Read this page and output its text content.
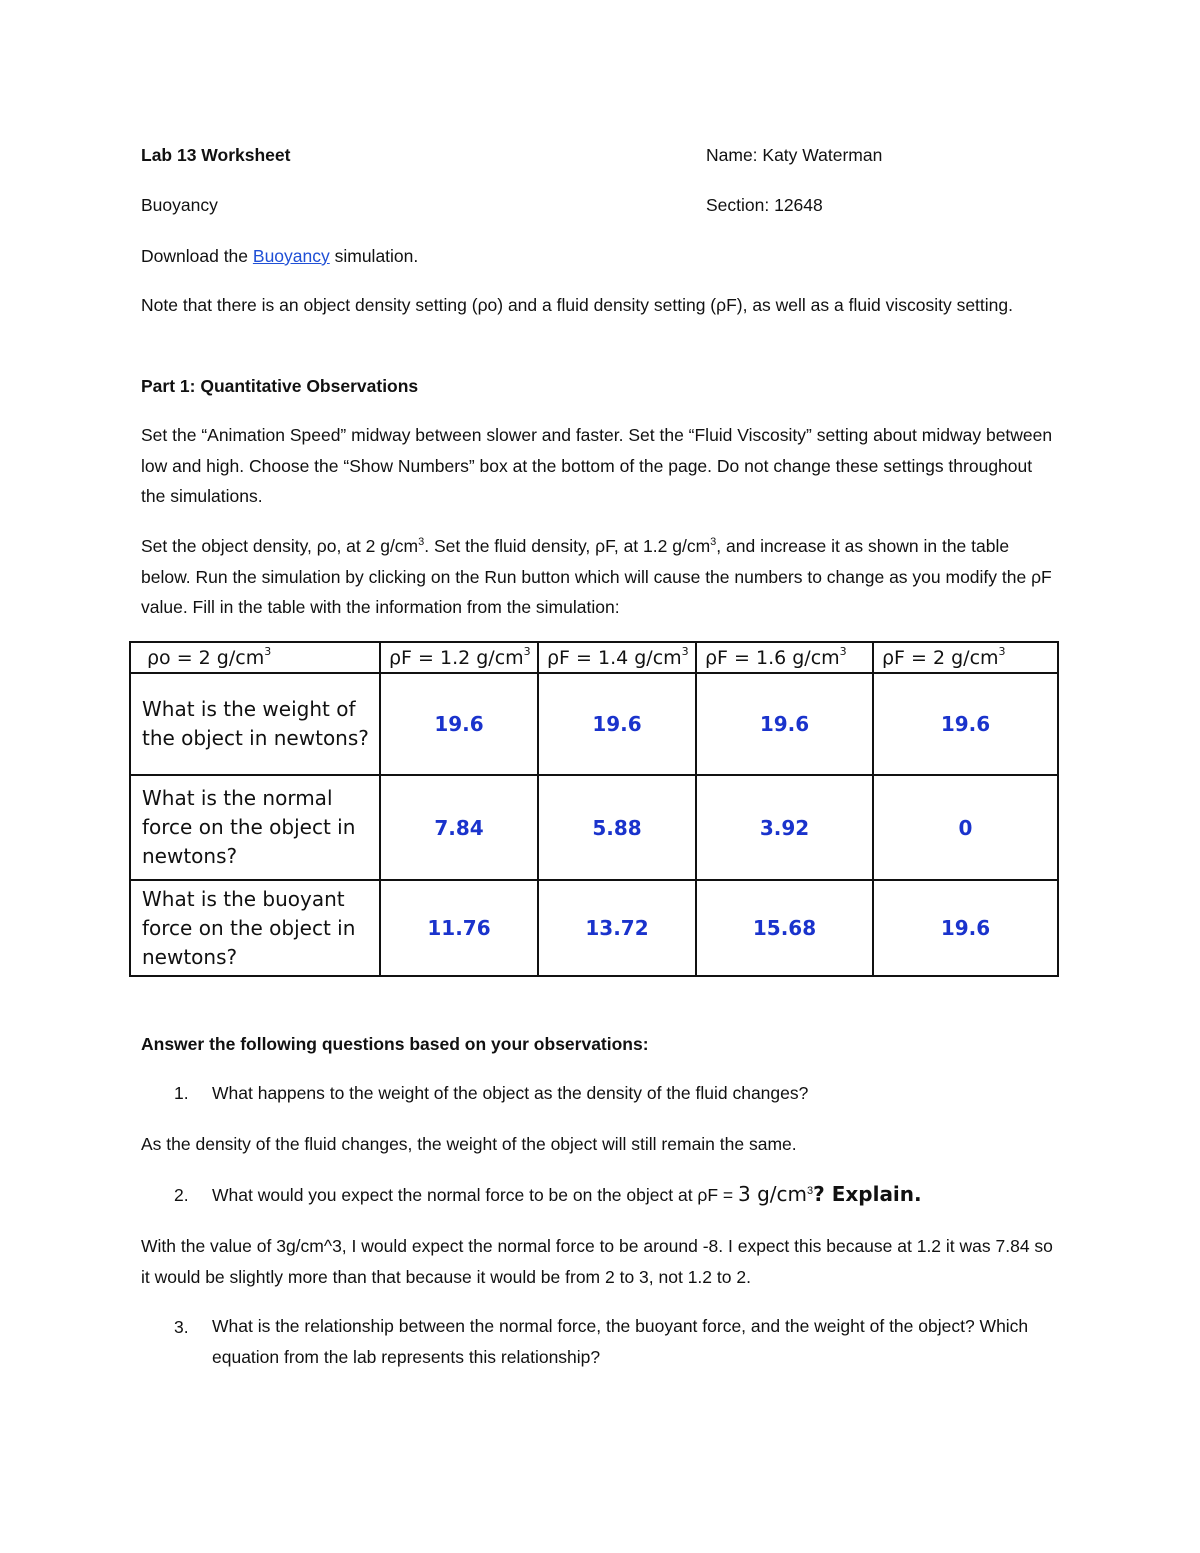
Lab 13 Worksheet	Name: Katy Waterman
Buoyancy	Section: 12648
Download the Buoyancy simulation.
Note that there is an object density setting (ρo) and a fluid density setting (ρF), as well as a fluid viscosity setting.
Part 1: Quantitative Observations
Set the “Animation Speed” midway between slower and faster. Set the “Fluid Viscosity” setting about midway between low and high. Choose the “Show Numbers” box at the bottom of the page. Do not change these settings throughout the simulations.
Set the object density, ρo, at 2 $g/cm^3$. Set the fluid density, ρF, at 1.2 $g/cm^3$, and increase it as shown in the table below. Run the simulation by clicking on the Run button which will cause the numbers to change as you modify the ρF value. Fill in the table with the information from the simulation:
ρo = 2 $g/cm^3$	ρF = 1.2 $g/cm^3$	ρF = 1.4 $g/cm^3$	ρF = 1.6 $g/cm^3$	ρF = 2 $g/cm^3$
What is the weight of the object in newtons?	19.6	19.6	19.6	19.6
What is the normal force on the object in newtons?	7.84	5.88	3.92	0
What is the buoyant force on the object in newtons?	11.76	13.72	15.68	19.6
Answer the following questions based on your observations:
1. What happens to the weight of the object as the density of the fluid changes?
As the density of the fluid changes, the weight of the object will still remain the same.
2. What would you expect the normal force to be on the object at ρF = 3 $g/cm^3$? Explain.
With the value of 3g/cm^3, I would expect the normal force to be around -8. I expect this because at 1.2 it was 7.84 so it would be slightly more than that because it would be from 2 to 3, not 1.2 to 2.
3. What is the relationship between the normal force, the buoyant force, and the weight of the object? Which equation from the lab represents this relationship?
